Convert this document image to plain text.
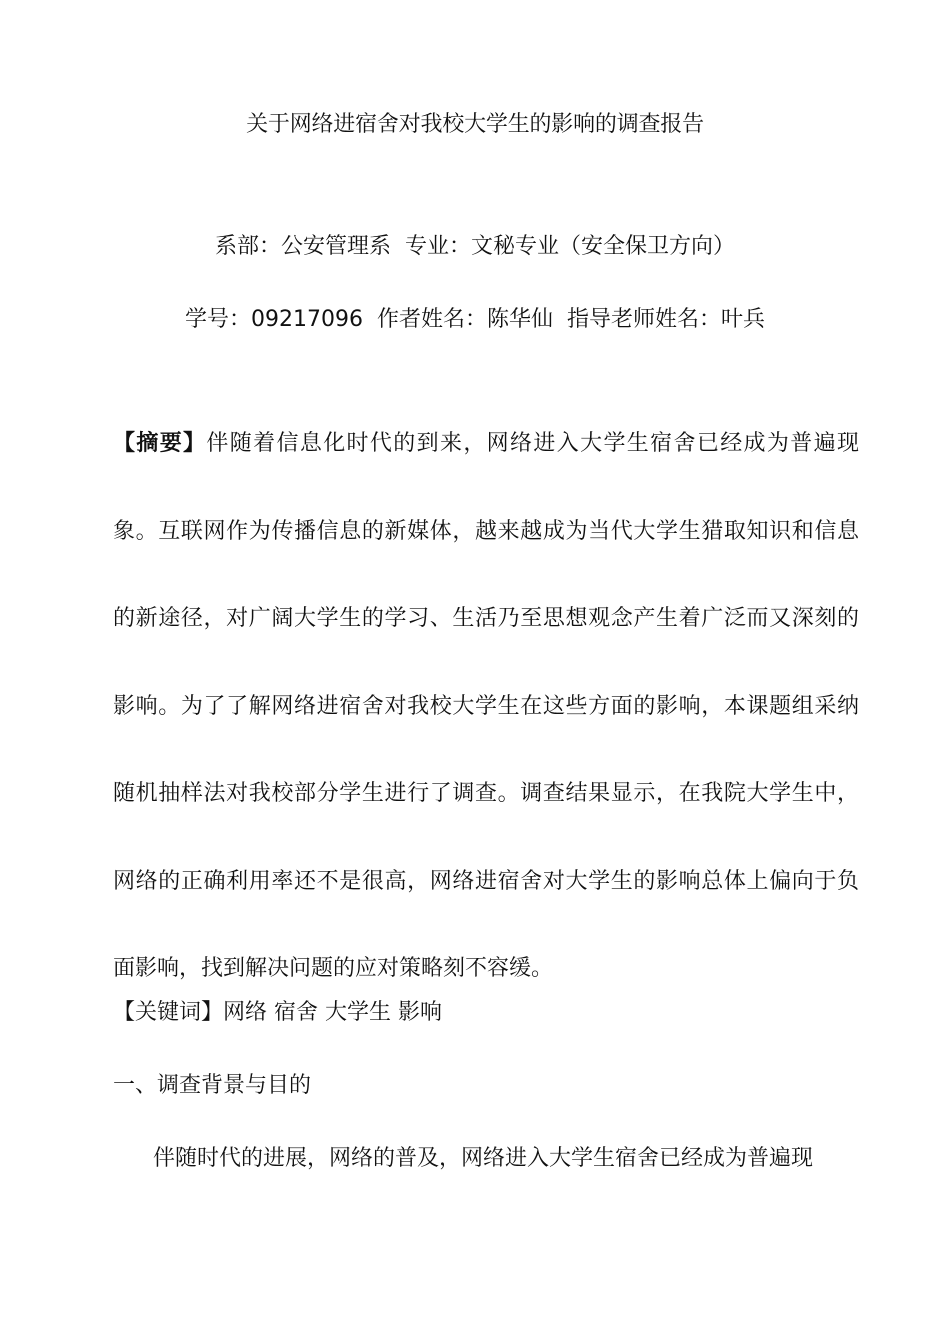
关于网络进宿舍对我校大学生的影响的调查报告
系部：公安管理系  专业：文秘专业（安全保卫方向）
学号：09217096  作者姓名：陈华仙  指导老师姓名：叶兵

【摘要】伴随着信息化时代的到来，网络进入大学生宿舍已经成为普遍现象。互联网作为传播信息的新媒体，越来越成为当代大学生猎取知识和信息的新途径，对广阔大学生的学习、生活乃至思想观念产生着广泛而又深刻的影响。为了了解网络进宿舍对我校大学生在这些方面的影响，本课题组采纳随机抽样法对我校部分学生进行了调查。调查结果显示，在我院大学生中，网络的正确利用率还不是很高，网络进宿舍对大学生的影响总体上偏向于负面影响，找到解决问题的应对策略刻不容缓。

【关键词】网络 宿舍 大学生 影响
一、调查背景与目的

伴随时代的进展，网络的普及，网络进入大学生宿舍已经成为普遍现
